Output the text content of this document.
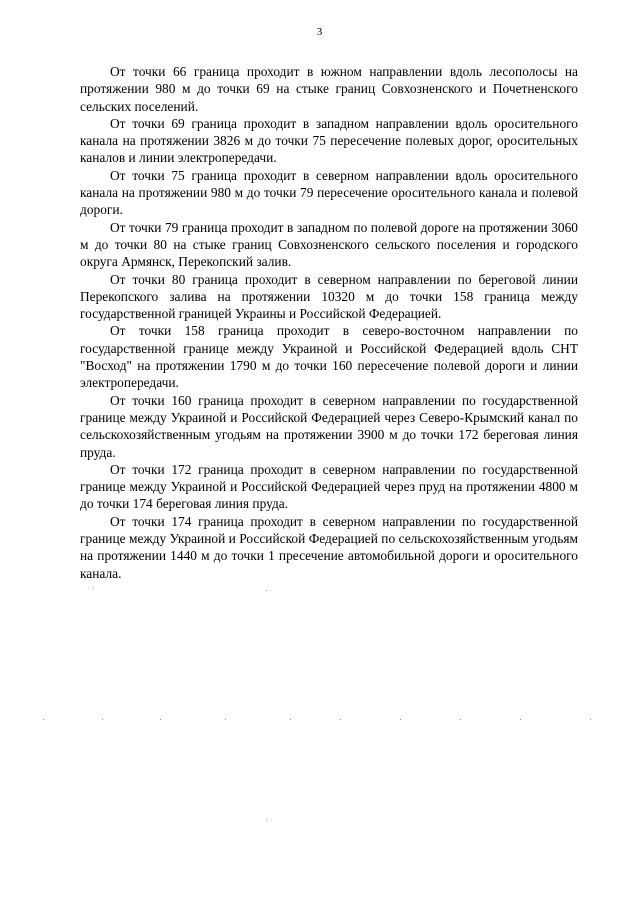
3

От точки 66 граница проходит в южном направлении вдоль лесополосы на протяжении 980 м до точки 69 на стыке границ Совхозненского и Почетненского сельских поселений.

От точки 69 граница проходит в западном направлении вдоль оросительного канала на протяжении 3826 м до точки 75 пересечение полевых дорог, оросительных каналов и линии электропередачи.

От точки 75 граница проходит в северном направлении вдоль оросительного канала на протяжении 980 м до точки 79 пересечение оросительного канала и полевой дороги.

От точки 79 граница проходит в западном по полевой дороге на протяжении 3060 м до точки 80 на стыке границ Совхозненского сельского поселения и городского округа Армянск, Перекопский залив.

От точки 80 граница проходит в северном направлении по береговой линии Перекопского залива на протяжении 10320 м до точки 158 граница между государственной границей Украины и Российской Федерацией.

От точки 158 граница проходит в северо-восточном направлении по государственной границе между Украиной и Российской Федерацией вдоль СНТ "Восход" на протяжении 1790 м до точки 160 пересечение полевой дороги и линии электропередачи.

От точки 160 граница проходит в северном направлении по государственной границе между Украиной и Российской Федерацией через Северо-Крымский канал по сельскохозяйственным угодьям на протяжении 3900 м до точки 172 береговая линия пруда.

От точки 172 граница проходит в северном направлении по государственной границе между Украиной и Российской Федерацией через пруд на протяжении 4800 м до точки 174 береговая линия пруда.

От точки 174 граница проходит в северном направлении по государственной границе между Украиной и Российской Федерацией по сельскохозяйственным угодьям на протяжении 1440 м до точки 1 пресечение автомобильной дороги и оросительного канала.
